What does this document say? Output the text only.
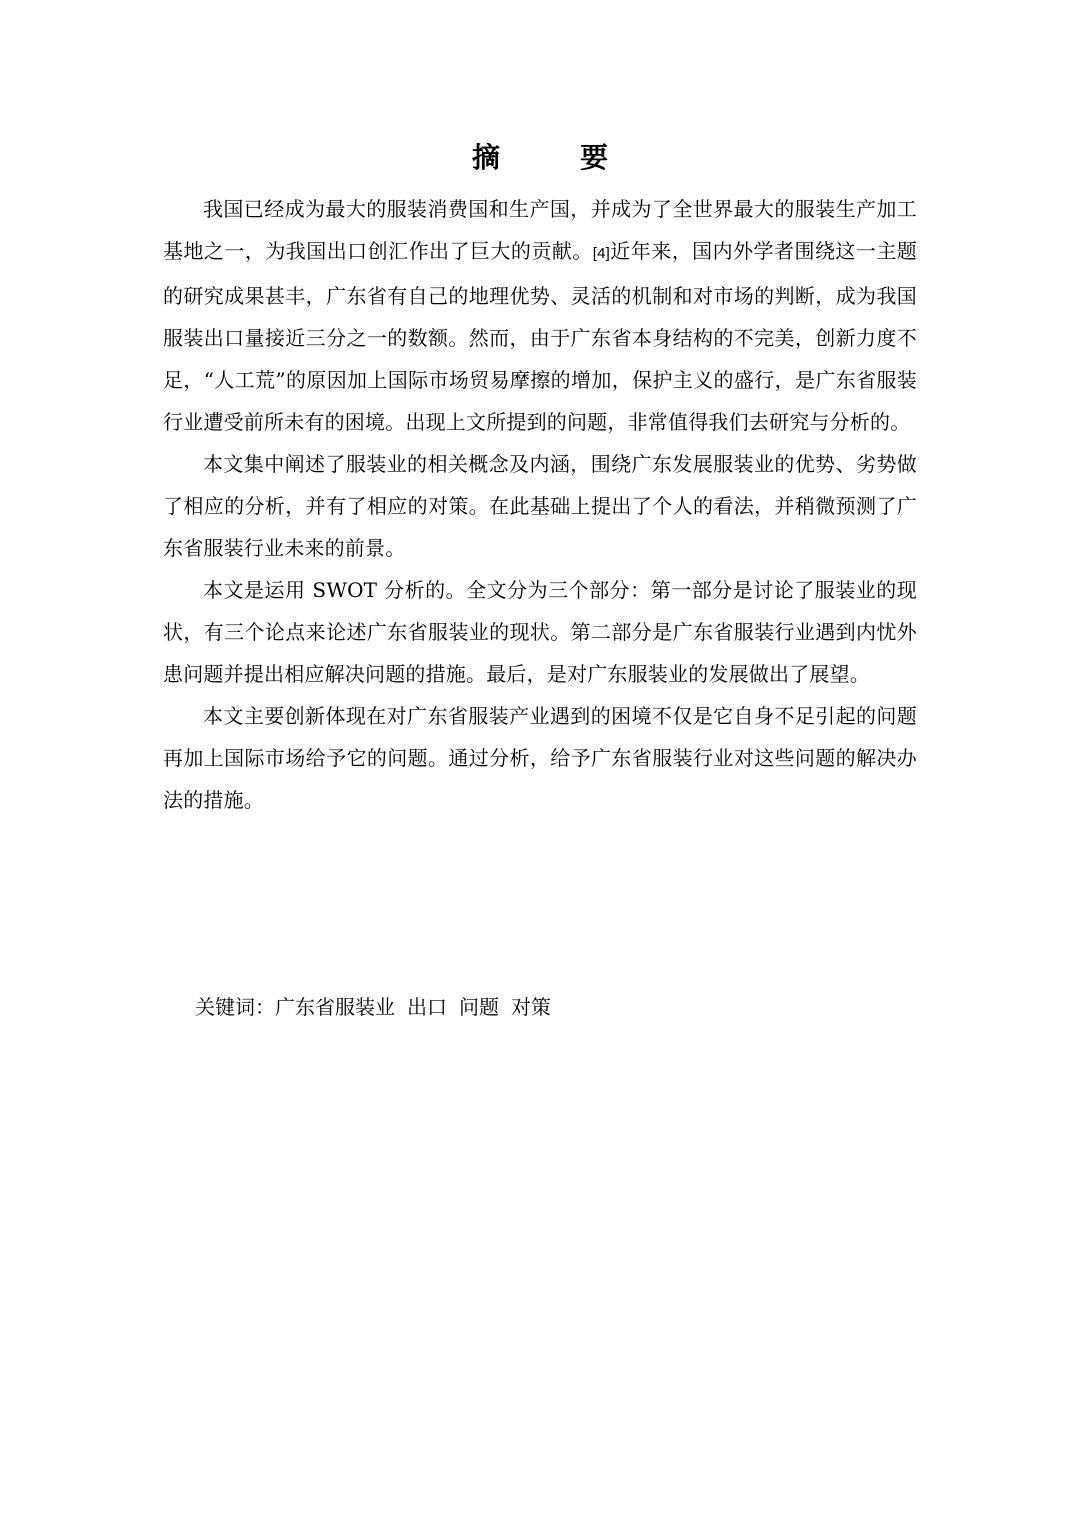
摘　要

我国已经成为最大的服装消费国和生产国，并成为了全世界最大的服装生产加工基地之一，为我国出口创汇作出了巨大的贡献。[4]近年来，国内外学者围绕这一主题的研究成果甚丰，广东省有自己的地理优势、灵活的机制和对市场的判断，成为我国服装出口量接近三分之一的数额。然而，由于广东省本身结构的不完美，创新力度不足，“人工荒”的原因加上国际市场贸易摩擦的增加，保护主义的盛行，是广东省服装行业遭受前所未有的困境。出现上文所提到的问题，非常值得我们去研究与分析的。

本文集中阐述了服装业的相关概念及内涵，围绕广东发展服装业的优势、劣势做了相应的分析，并有了相应的对策。在此基础上提出了个人的看法，并稍微预测了广东省服装行业未来的前景。

本文是运用 SWOT 分析的。全文分为三个部分：第一部分是讨论了服装业的现状，有三个论点来论述广东省服装业的现状。第二部分是广东省服装行业遇到内忧外患问题并提出相应解决问题的措施。最后，是对广东服装业的发展做出了展望。

本文主要创新体现在对广东省服装产业遇到的困境不仅是它自身不足引起的问题再加上国际市场给予它的问题。通过分析，给予广东省服装行业对这些问题的解决办法的措施。

关键词：广东省服装业 出口 问题 对策
